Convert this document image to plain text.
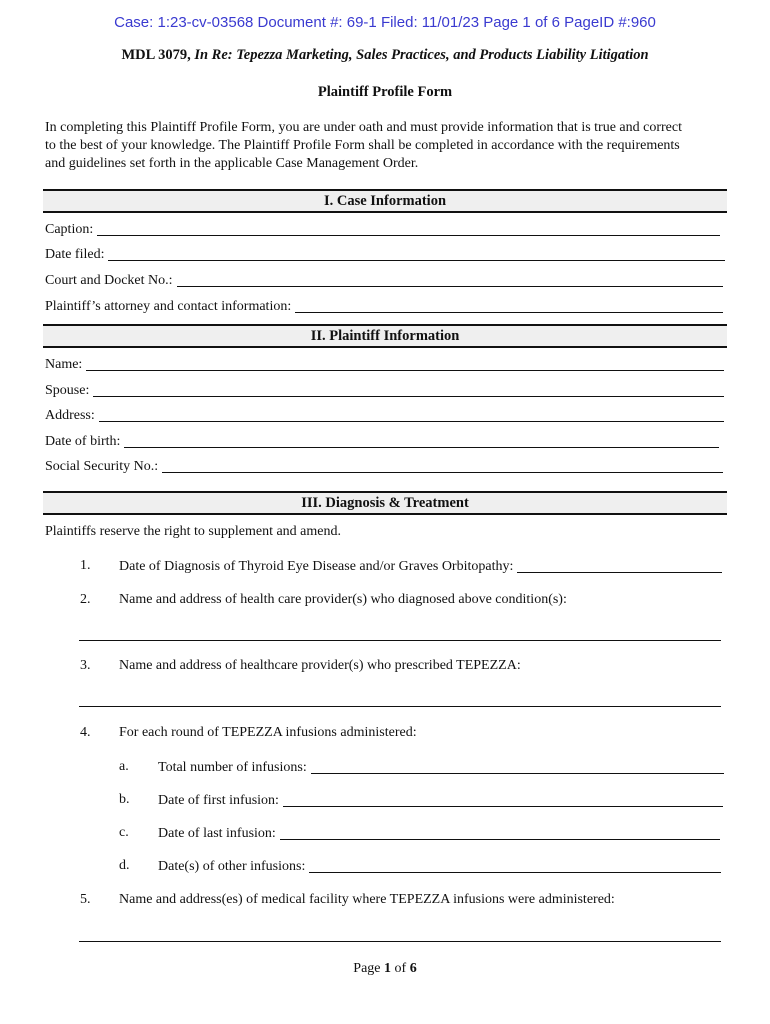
Case: 1:23-cv-03568 Document #: 69-1 Filed: 11/01/23 Page 1 of 6 PageID #:960
MDL 3079, In Re: Tepezza Marketing, Sales Practices, and Products Liability Litigation
Plaintiff Profile Form
In completing this Plaintiff Profile Form, you are under oath and must provide information that is true and correct
to the best of your knowledge. The Plaintiff Profile Form shall be completed in accordance with the requirements
and guidelines set forth in the applicable Case Management Order.
I. Case Information
Caption:
Date filed:
Court and Docket No.:
Plaintiff’s attorney and contact information:
II. Plaintiff Information
Name:
Spouse:
Address:
Date of birth:
Social Security No.:
III. Diagnosis & Treatment
Plaintiffs reserve the right to supplement and amend.
1. Date of Diagnosis of Thyroid Eye Disease and/or Graves Orbitopathy:
2. Name and address of health care provider(s) who diagnosed above condition(s):
3. Name and address of healthcare provider(s) who prescribed TEPEZZA:
4. For each round of TEPEZZA infusions administered:
a. Total number of infusions:
b. Date of first infusion:
c. Date of last infusion:
d. Date(s) of other infusions:
5. Name and address(es) of medical facility where TEPEZZA infusions were administered:
Page 1 of 6
